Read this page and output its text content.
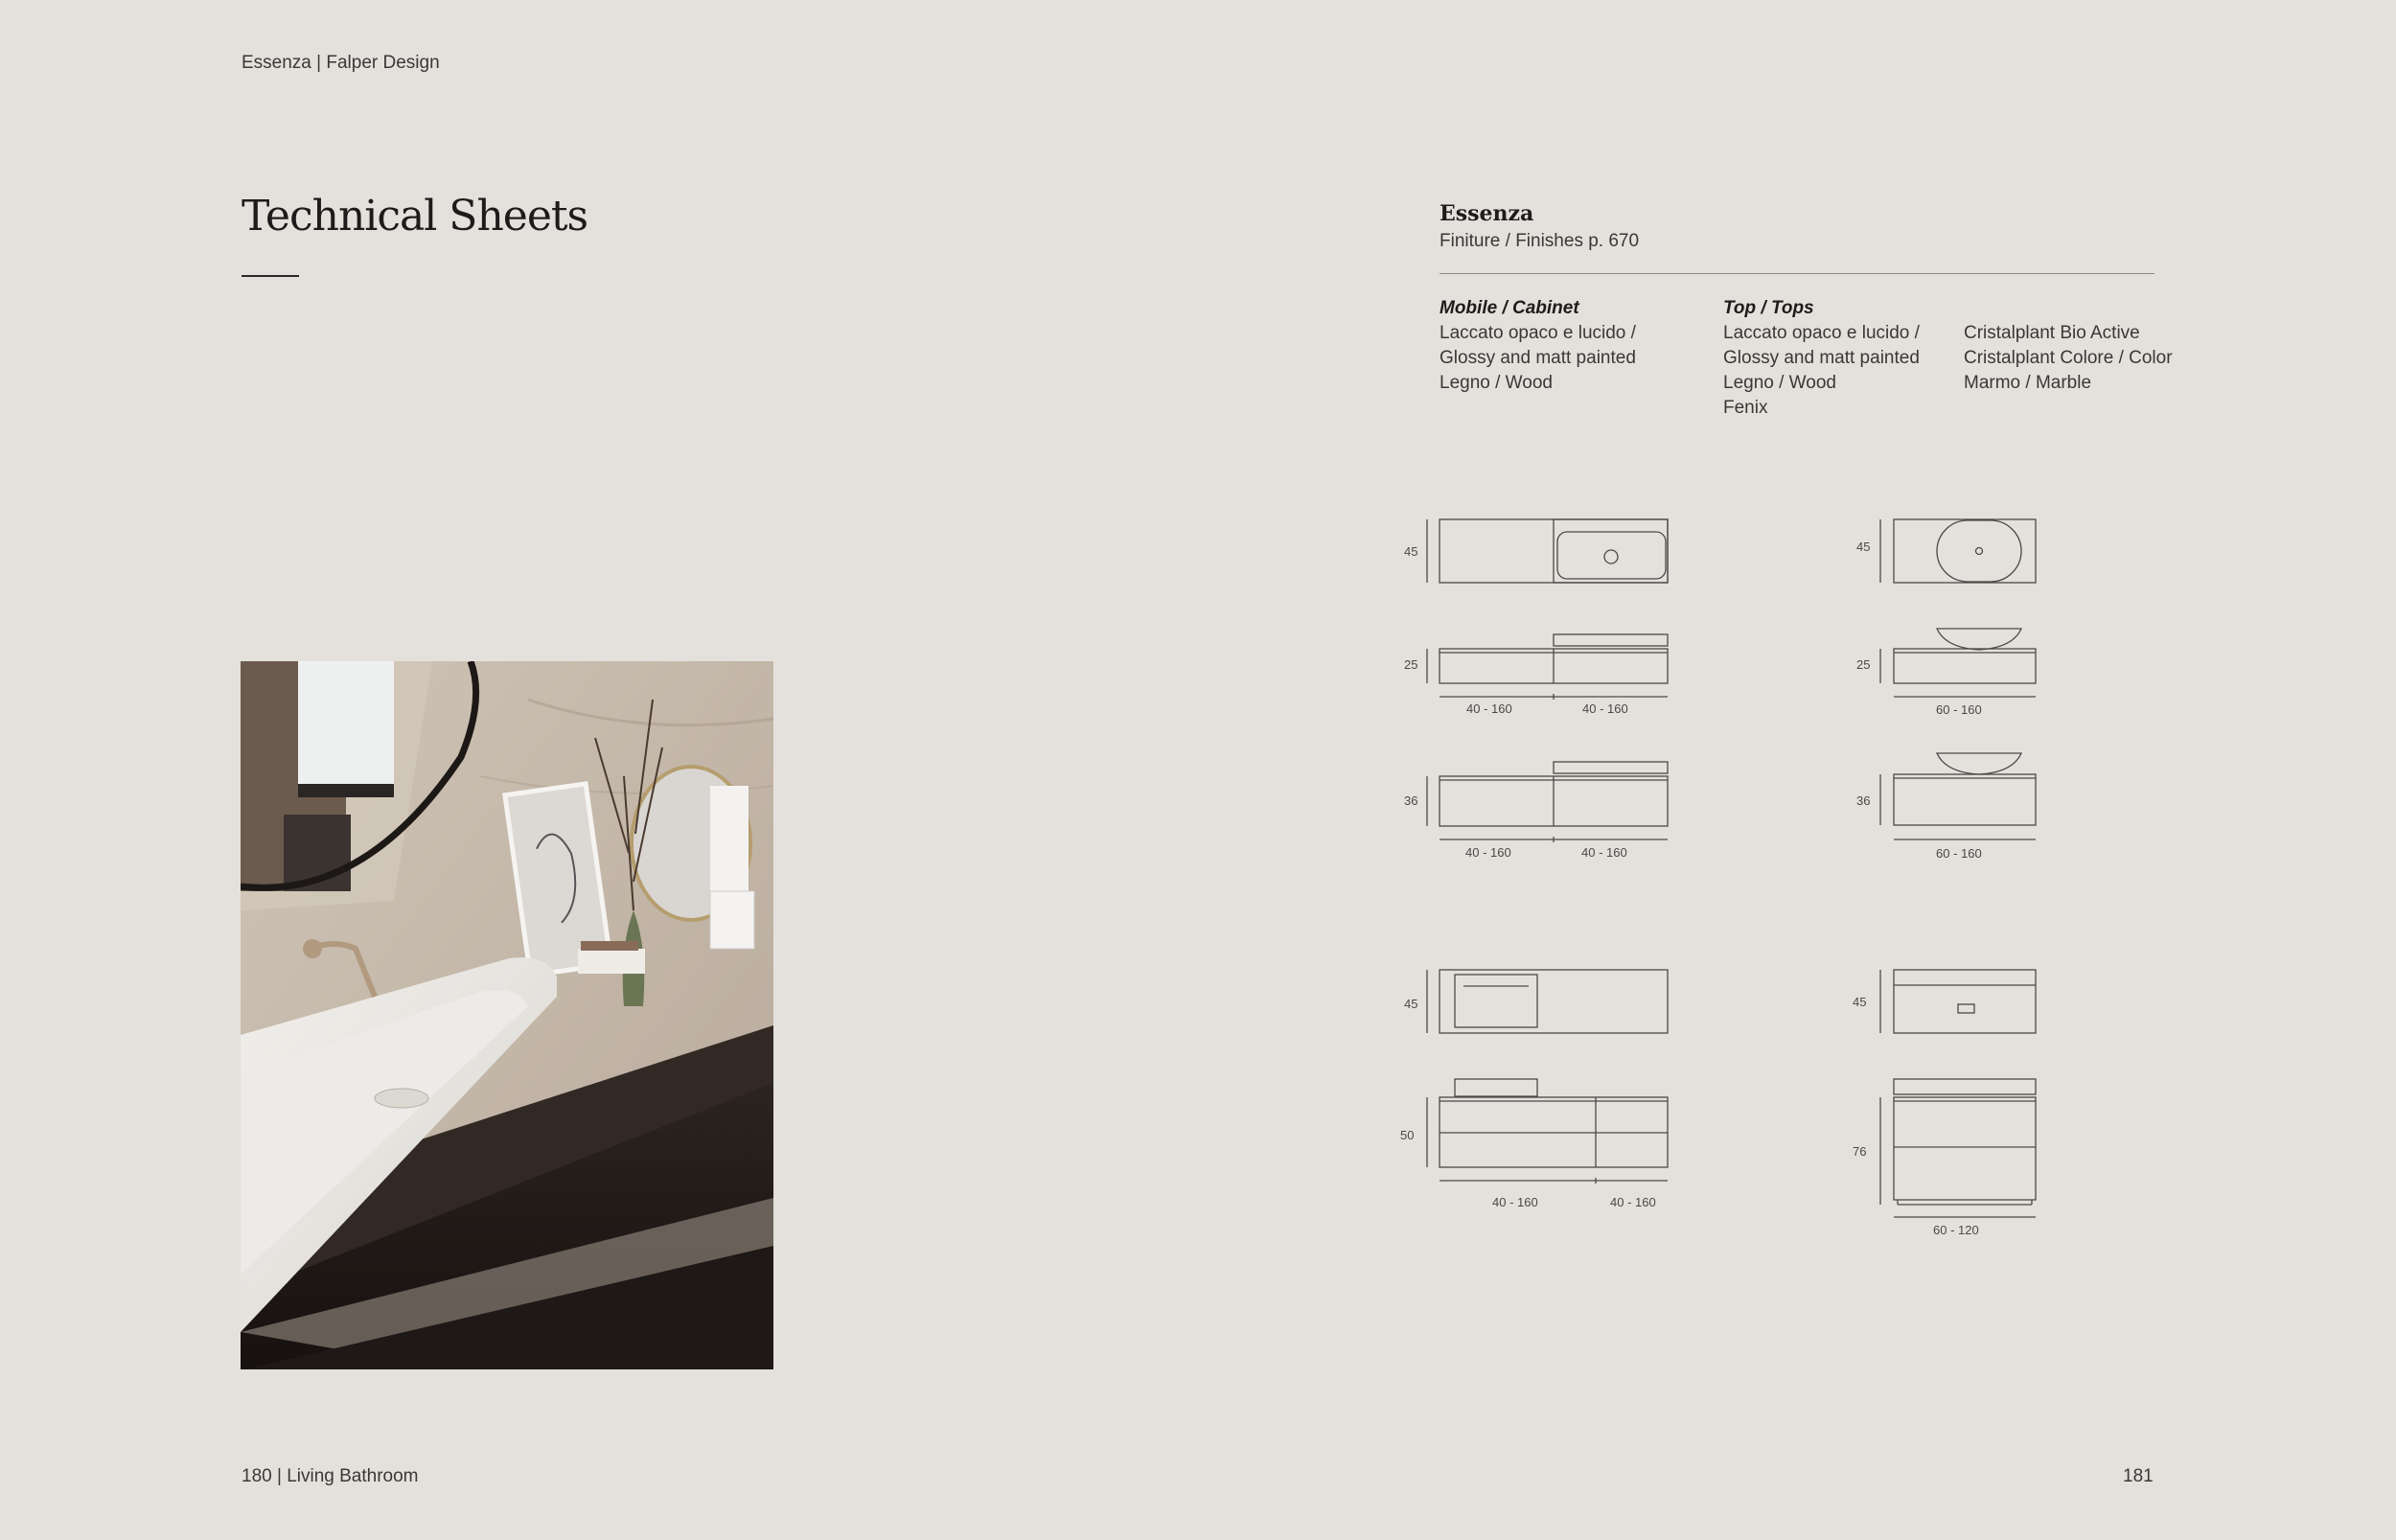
Essenza | Falper Design
Technical Sheets	Essenza
Finiture / Finishes p. 670
Mobile / Cabinet
Laccato opaco e lucido /
Glossy and matt painted
Legno / Wood
Top / Tops
Laccato opaco e lucido /
Glossy and matt painted
Legno / Wood
Fenix
Cristalplant Bio Active
Cristalplant Colore / Color
Marmo / Marble
45
25
40 - 160	40 - 160
36
40 - 160	40 - 160
45
25
60 - 160
36
60 - 160
45
50
40 - 160	40 - 160
45
76
60 - 120
180 | Living Bathroom	181
